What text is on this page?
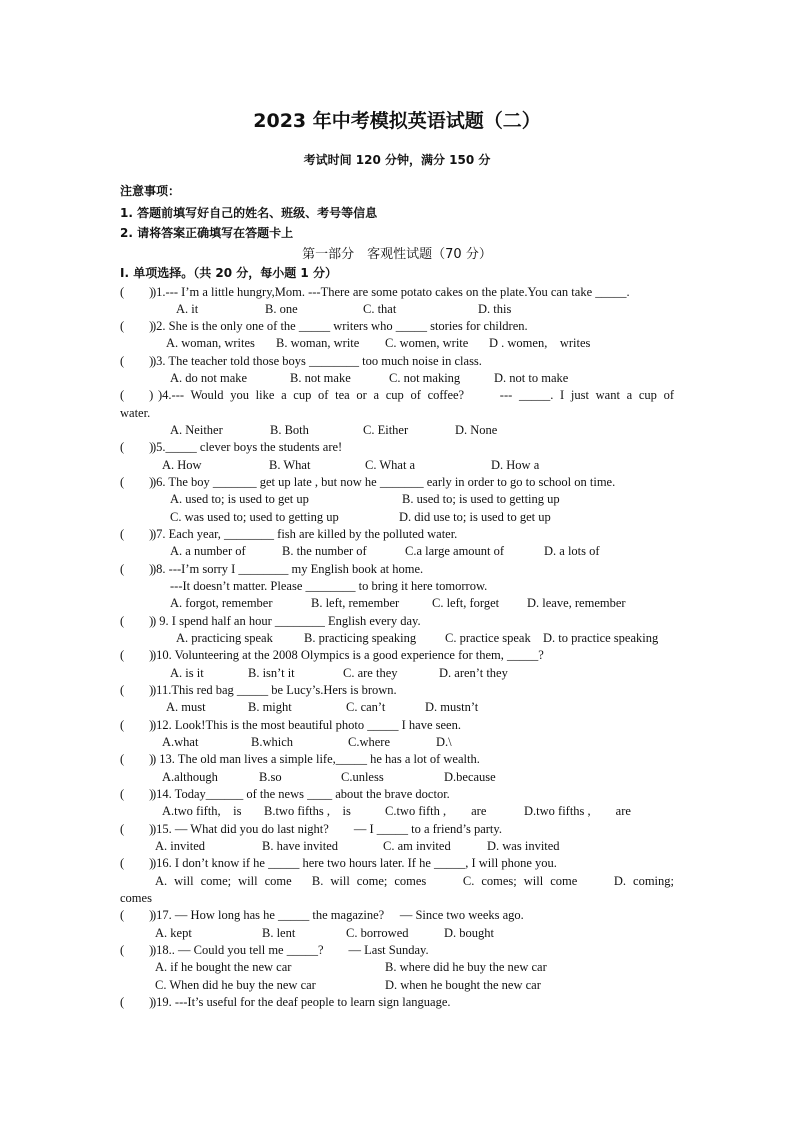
2023 年中考模拟英语试题（二）
考试时间 120 分钟，满分 150 分
注意事项：
1. 答题前填写好自己的姓名、班级、考号等信息
2. 请将答案正确填写在答题卡上
第一部分　客观性试题（70 分）
Ⅰ. 单项选择。（共 20 分，每小题 1 分）
(　　)
)1.--- I’m a little hungry,Mom. ---There are some potato cakes on the plate.You can take _____.
A. it	B. one	C. that	D. this
(　　)
)2. She is the only one of the _____ writers who _____ stories for children.
A. woman, writes B. woman, write C. women, write D . women,　writes
(　　)
)3. The teacher told those boys ________ too much noise in class.
A. do not make	B. not make	C. not making	D. not to make
(　　) )4.--- Would you like a cup of tea or a cup of coffee?　　--- _____. I just want a cup of
water.
A. Neither	B. Both	C. Either	D. None
(　　)
)5._____ clever boys the students are!
A. How	B. What	C. What a	D. How a
(　　)
)6. The boy _______ get up late , but now he _______ early in order to go to school on time.
A. used to; is used to get up	B. used to; is used to getting up
C. was used to; used to getting up	D. did use to; is used to get up
(　　)
)7. Each year, ________ fish are killed by the polluted water.
A. a number of	B. the number of	C.a large amount of	D. a lots of
(　　)
)8. ---I’m sorry I ________ my English book at home.
---It doesn’t matter. Please ________ to bring it here tomorrow.
A. forgot, remember	B. left, remember	C. left, forget D. leave, remember
(　　)
) 9. I spend half an hour ________ English every day.
A. practicing speak B. practicing speaking C. practice speak D. to practice speaking
(　　)
)10. Volunteering at the 2008 Olympics is a good experience for them, _____?
A. is it	B. isn’t it	C. are they	D. aren’t they
(　　)
)11.This red bag _____ be Lucy’s.Hers is brown.
A. must	B. might	C. can’t	D. mustn’t
(　　)
)12. Look!This is the most beautiful photo _____ I have seen.
A.what	B.which	C.where	D.\
(　　)
) 13. The old man lives a simple life,_____ he has a lot of wealth.
A.although	B.so	C.unless	D.because
(　　)
)14. Today______ of the news ____ about the brave doctor.
A.two fifth,　is B.two fifths ,　is	C.two fifth ,　　are	D.two fifths ,　　are
(　　)
)15. — What did you do last night?　　— I _____ to a friend’s party.
A. invited	B. have invited	C. am invited	D. was invited
(　　)
)16. I don’t know if he _____ here two hours later. If he _____, I will phone you.
A. will come; will come　B. will come; comes　　C. comes; will come　　D. coming;
comes
(　　)
)17. — How long has he _____ the magazine?　 — Since two weeks ago.
A. kept	B. lent	C. borrowed	D. bought
(　　)
)18.. — Could you tell me _____?　　— Last Sunday.
A. if he bought the new car	B. where did he buy the new car
C. When did he buy the new car	D. when he bought the new car
(　　)
)19. ---It’s useful for the deaf people to learn sign language.
